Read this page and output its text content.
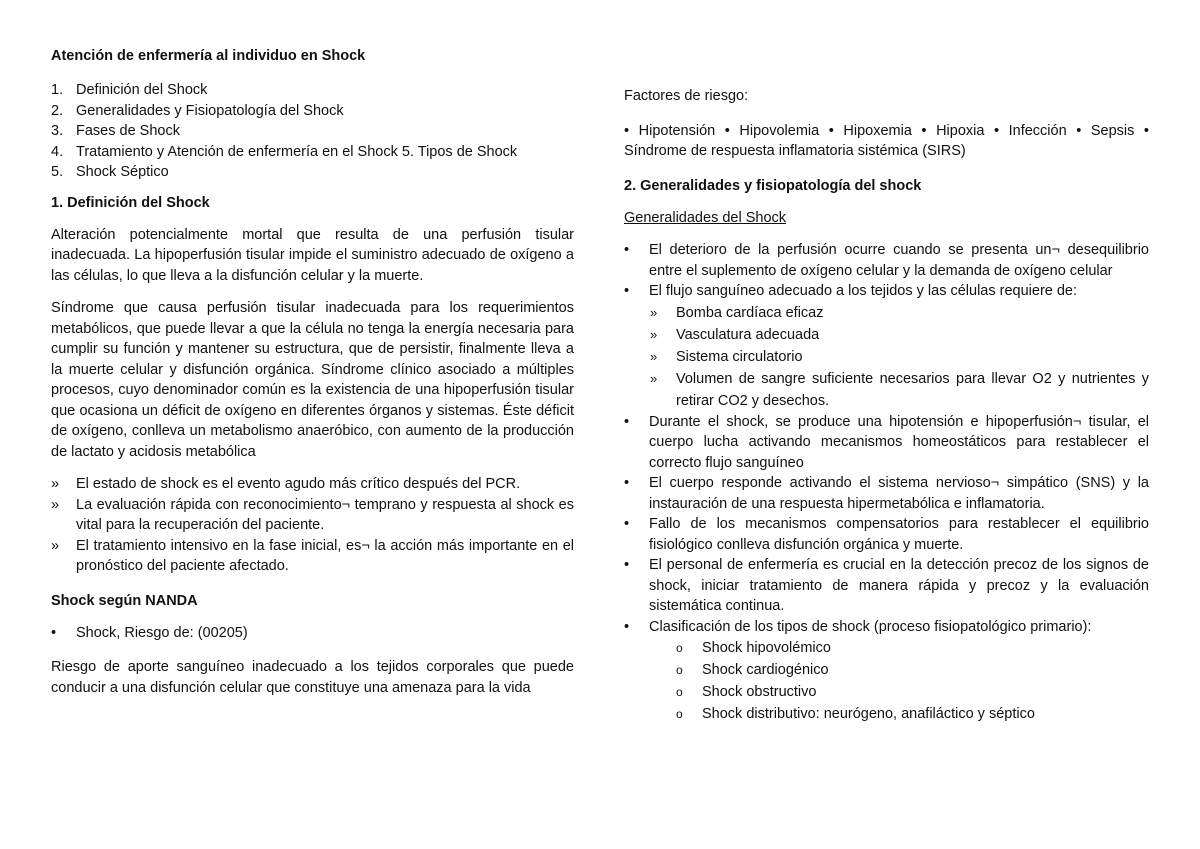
Atención de enfermería al individuo en Shock
1. Definición del Shock
2. Generalidades y Fisiopatología del Shock
3. Fases de Shock
4. Tratamiento y Atención de enfermería en el Shock 5. Tipos de Shock
5. Shock Séptico
1. Definición del Shock

Alteración potencialmente mortal que resulta de una perfusión tisular inadecuada. La hipoperfusión tisular impide el suministro adecuado de oxígeno a las células, lo que lleva a la disfunción celular y la muerte.

Síndrome que causa perfusión tisular inadecuada para los requerimientos metabólicos, que puede llevar a que la célula no tenga la energía necesaria para cumplir su función y mantener su estructura, que de persistir, finalmente lleva a la muerte celular y disfunción orgánica. Síndrome clínico asociado a múltiples procesos, cuyo denominador común es la existencia de una hipoperfusión tisular que ocasiona un déficit de oxígeno en diferentes órganos y sistemas. Éste déficit de oxígeno, conlleva un metabolismo anaeróbico, con aumento de la producción de lactato y acidosis metabólica

» El estado de shock es el evento agudo más crítico después del PCR.
» La evaluación rápida con reconocimiento¬ temprano y respuesta al shock es vital para la recuperación del paciente.
» El tratamiento intensivo en la fase inicial, es¬ la acción más importante en el pronóstico del paciente afectado.
Shock según NANDA
• Shock, Riesgo de: (00205)

Riesgo de aporte sanguíneo inadecuado a los tejidos corporales que puede conducir a una disfunción celular que constituye una amenaza para la vida

Factores de riesgo:

• Hipotensión • Hipovolemia • Hipoxemia • Hipoxia • Infección • Sepsis • Síndrome de respuesta inflamatoria sistémica (SIRS)

2. Generalidades y fisiopatología del shock

Generalidades del Shock

• El deterioro de la perfusión ocurre cuando se presenta un¬ desequilibrio entre el suplemento de oxígeno celular y la demanda de oxígeno celular
• El flujo sanguíneo adecuado a los tejidos y las células requiere de:
» Bomba cardíaca eficaz
» Vasculatura adecuada
» Sistema circulatorio
» Volumen de sangre suficiente necesarios para llevar O2 y nutrientes y retirar CO2 y desechos.
• Durante el shock, se produce una hipotensión e hipoperfusión¬ tisular, el cuerpo lucha activando mecanismos homeostáticos para restablecer el correcto flujo sanguíneo
• El cuerpo responde activando el sistema nervioso¬ simpático (SNS) y la instauración de una respuesta hipermetabólica e inflamatoria.
• Fallo de los mecanismos compensatorios para restablecer el equilibrio fisiológico conlleva disfunción orgánica y muerte.
• El personal de enfermería es crucial en la detección precoz de los signos de shock, iniciar tratamiento de manera rápida y precoz y la evaluación sistemática continua.
• Clasificación de los tipos de shock (proceso fisiopatológico primario):
o Shock hipovolémico
o Shock cardiogénico
o Shock obstructivo
o Shock distributivo: neurógeno, anafiláctico y séptico
